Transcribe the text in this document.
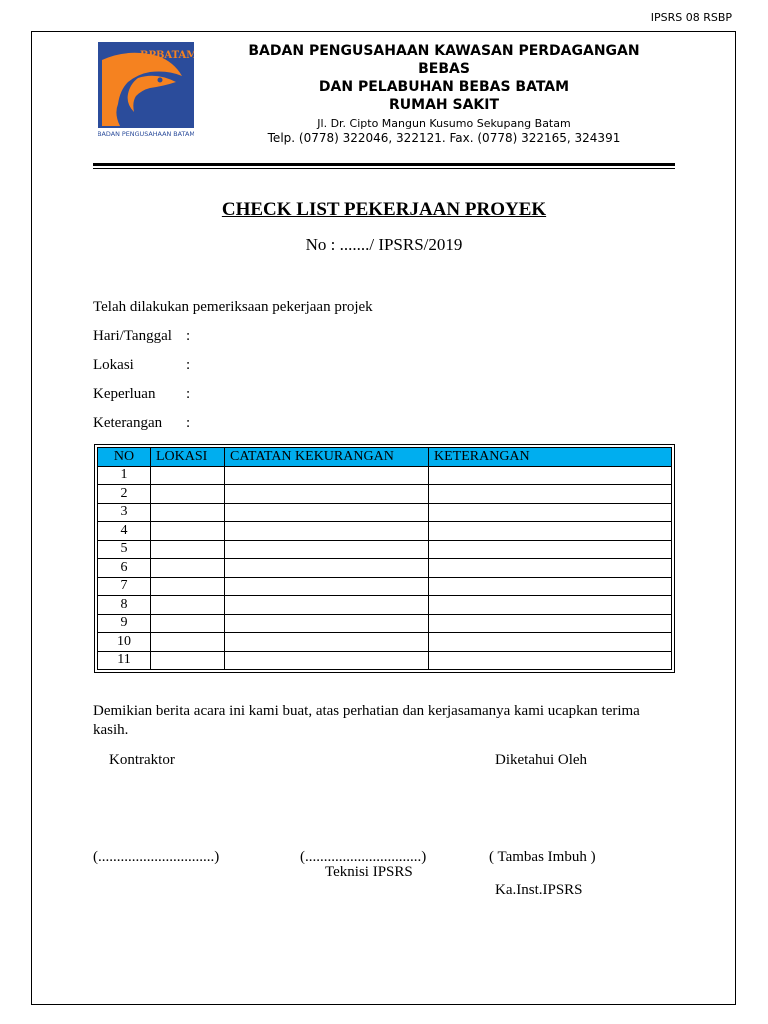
IPSRS 08 RSBP
BPBATAM
BADAN PENGUSAHAAN BATAM
BADAN PENGUSAHAAN KAWASAN PERDAGANGAN
BEBAS
DAN PELABUHAN BEBAS BATAM
RUMAH SAKIT
Jl. Dr. Cipto Mangun Kusumo Sekupang Batam
Telp. (0778) 322046, 322121. Fax. (0778) 322165, 324391
CHECK LIST PEKERJAAN PROYEK
No : ......./ IPSRS/2019
Telah dilakukan pemeriksaan pekerjaan projek
Hari/Tanggal :
Lokasi	:
Keperluan :
Keterangan :
NO	LOKASI	CATATAN KEKURANGAN	KETERANGAN
1			
2			
3			
4			
5			
6			
7			
8			
9			
10			
11			
Demikian berita acara ini kami buat, atas perhatian dan kerjasamanya kami ucapkan terima kasih.
Kontraktor	Diketahui Oleh
(...............................)	(...............................)
Teknisi IPSRS
( Tambas Imbuh )
Ka.Inst.IPSRS
